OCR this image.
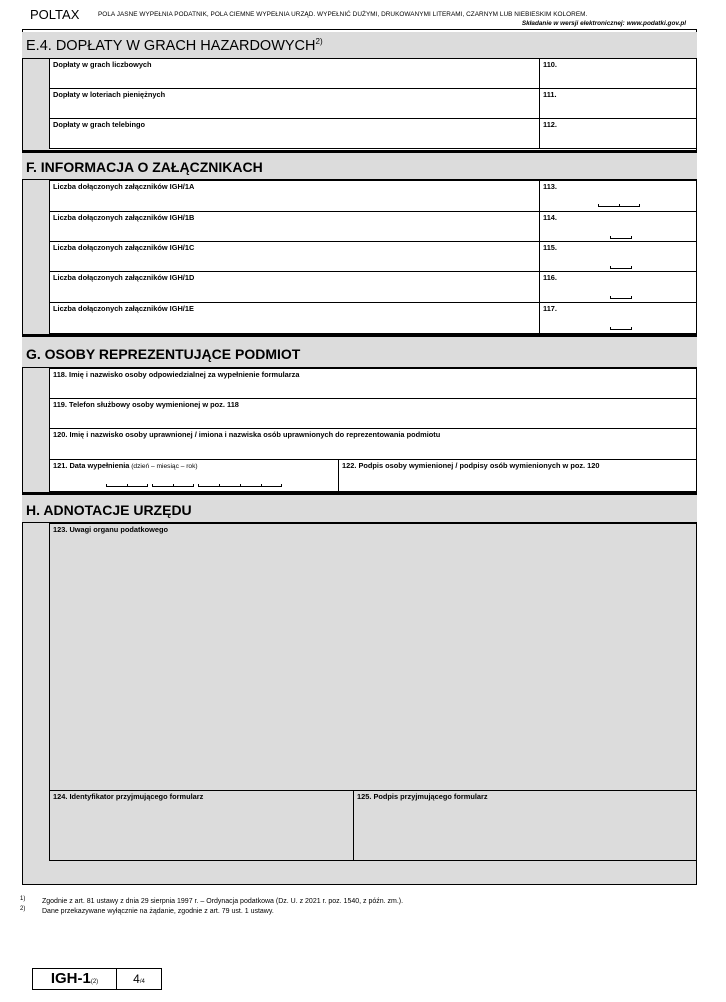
POLTAX	POLA JASNE WYPEŁNIA PODATNIK, POLA CIEMNE WYPEŁNIA URZĄD. WYPEŁNIĆ DUŻYMI, DRUKOWANYMI LITERAMI, CZARNYM LUB NIEBIESKIM KOLOREM.
Składanie w wersji elektronicznej: www.podatki.gov.pl
E.4. DOPŁATY W GRACH HAZARDOWYCH$^{2)}$
Dopłaty w grach liczbowych	110.
Dopłaty w loteriach pieniężnych	111.
Dopłaty w grach telebingo	112.
F. INFORMACJA O ZAŁĄCZNIKACH
Liczba dołączonych załączników IGH/1A	113.
Liczba dołączonych załączników IGH/1B	114.
Liczba dołączonych załączników IGH/1C	115.
Liczba dołączonych załączników IGH/1D	116.
Liczba dołączonych załączników IGH/1E	117.
G. OSOBY REPREZENTUJĄCE PODMIOT
118. Imię i nazwisko osoby odpowiedzialnej za wypełnienie formularza
119. Telefon służbowy osoby wymienionej w poz. 118
120. Imię i nazwisko osoby uprawnionej / imiona i nazwiska osób uprawnionych do reprezentowania podmiotu
121. Data wypełnienia (dzień – miesiąc – rok)	122. Podpis osoby wymienionej / podpisy osób wymienionych w poz. 120
H. ADNOTACJE URZĘDU
123. Uwagi organu podatkowego
124. Identyfikator przyjmującego formularz	125. Podpis przyjmującego formularz
1) Zgodnie z art. 81 ustawy z dnia 29 sierpnia 1997 r. – Ordynacja podatkowa (Dz. U. z 2021 r. poz. 1540, z późn. zm.).
2) Dane przekazywane wyłącznie na żądanie, zgodnie z art. 79 ust. 1 ustawy.
IGH-1(2)	4/4
